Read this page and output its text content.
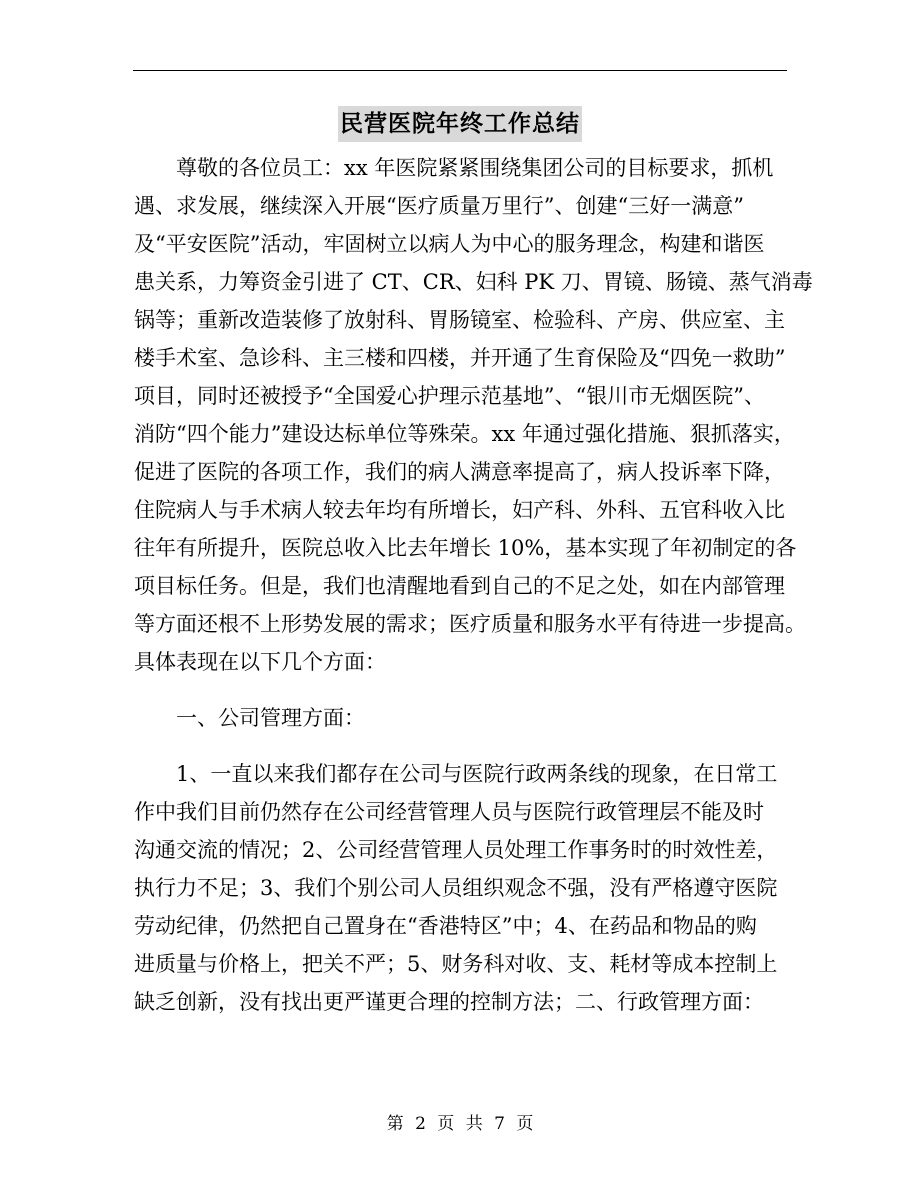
民营医院年终工作总结
尊敬的各位员工：xx 年医院紧紧围绕集团公司的目标要求，抓机
遇、求发展，继续深入开展“医疗质量万里行”、创建“三好一满意”
及“平安医院”活动，牢固树立以病人为中心的服务理念，构建和谐医
患关系，力筹资金引进了 CT、CR、妇科 PK 刀、胃镜、肠镜、蒸气消毒
锅等；重新改造装修了放射科、胃肠镜室、检验科、产房、供应室、主
楼手术室、急诊科、主三楼和四楼，并开通了生育保险及“四免一救助”
项目，同时还被授予“全国爱心护理示范基地”、“银川市无烟医院”、
消防“四个能力”建设达标单位等殊荣。xx 年通过强化措施、狠抓落实，
促进了医院的各项工作，我们的病人满意率提高了，病人投诉率下降，
住院病人与手术病人较去年均有所增长，妇产科、外科、五官科收入比
往年有所提升，医院总收入比去年增长 10%，基本实现了年初制定的各
项目标任务。但是，我们也清醒地看到自己的不足之处，如在内部管理
等方面还根不上形势发展的需求；医疗质量和服务水平有待进一步提高。
具体表现在以下几个方面：
一、公司管理方面：
1、一直以来我们都存在公司与医院行政两条线的现象，在日常工
作中我们目前仍然存在公司经营管理人员与医院行政管理层不能及时
沟通交流的情况；2、公司经营管理人员处理工作事务时的时效性差，
执行力不足；3、我们个别公司人员组织观念不强，没有严格遵守医院
劳动纪律，仍然把自己置身在“香港特区”中；4、在药品和物品的购
进质量与价格上，把关不严；5、财务科对收、支、耗材等成本控制上
缺乏创新，没有找出更严谨更合理的控制方法；二、行政管理方面：
第 2 页 共 7 页
